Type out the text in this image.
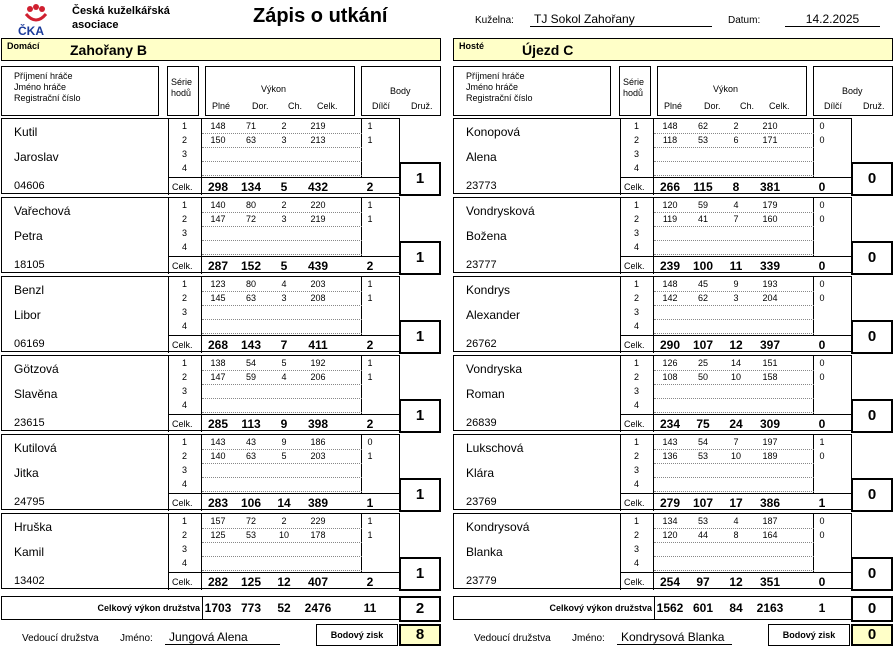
ČKA
Česká kuželkářská
asociace	Zápis o utkání	Kuželna:	TJ Sokol Zahořany	Datum:	14.2.2025
Domácí Zahořany B
Příjmení hráče
Jméno hráče
Registrační číslo
Série
hodů	Výkon
Plné Dor. Ch. Celk.
Body
Dílčí Druž.
Kutil
Jaroslav
04606
1	148	71	2	219	1
2	150	63	3	213	1
3
4
Celk.	298	134	5	432	2	1
Vařechová
Petra
18105
1	140	80	2	220	1
2	147	72	3	219	1
3
4
Celk.	287	152	5	439	2	1
Benzl
Libor
06169
1	123	80	4	203	1
2	145	63	3	208	1
3
4
Celk.	268	143	7	411	2	1
Götzová
Slavěna
23615
1	138	54	5	192	1
2	147	59	4	206	1
3
4
Celk.	285	113	9	398	2	1
Kutilová
Jitka
24795
1	143	43	9	186	0
2	140	63	5	203	1
3
4
Celk.	283	106	14	389	1	1
Hruška
Kamil
13402
1	157	72	2	229	1
2	125	53	10	178	1
3
4
Celk.	282	125	12	407	2	1
Celkový výkon družstva 1703 773	52	2476	11	2
Vedoucí družstva Jméno:	Jungová Alena	Bodový zisk	8
Hosté	Újezd C
Příjmení hráče
Jméno hráče
Registrační číslo
Série
hodů	Výkon
Plné Dor. Ch. Celk.
Body
Dílčí Druž.
Konopová
Alena
23773
1	148	62	2	210	0
2	118	53	6	171	0
3
4
Celk.	266	115	8	381	0	0
Vondrysková
Božena
23777
1	120	59	4	179	0
2	119	41	7	160	0
3
4
Celk.	239	100	11	339	0	0
Kondrys
Alexander
26762
1	148	45	9	193	0
2	142	62	3	204	0
3
4
Celk.	290	107	12	397	0	0
Vondryska
Roman
26839
1	126	25	14	151	0
2	108	50	10	158	0
3
4
Celk.	234	75	24	309	0	0
Lukschová
Klára
23769
1	143	54	7	197	1
2	136	53	10	189	0
3
4
Celk.	279	107	17	386	1	0
Kondrysová
Blanka
23779
1	134	53	4	187	0
2	120	44	8	164	0
3
4
Celk.	254	97	12	351	0	0
Celkový výkon družstva 1562 601	84	2163	1	0
Vedoucí družstva Jméno:	Kondrysová Blanka	Bodový zisk	0
